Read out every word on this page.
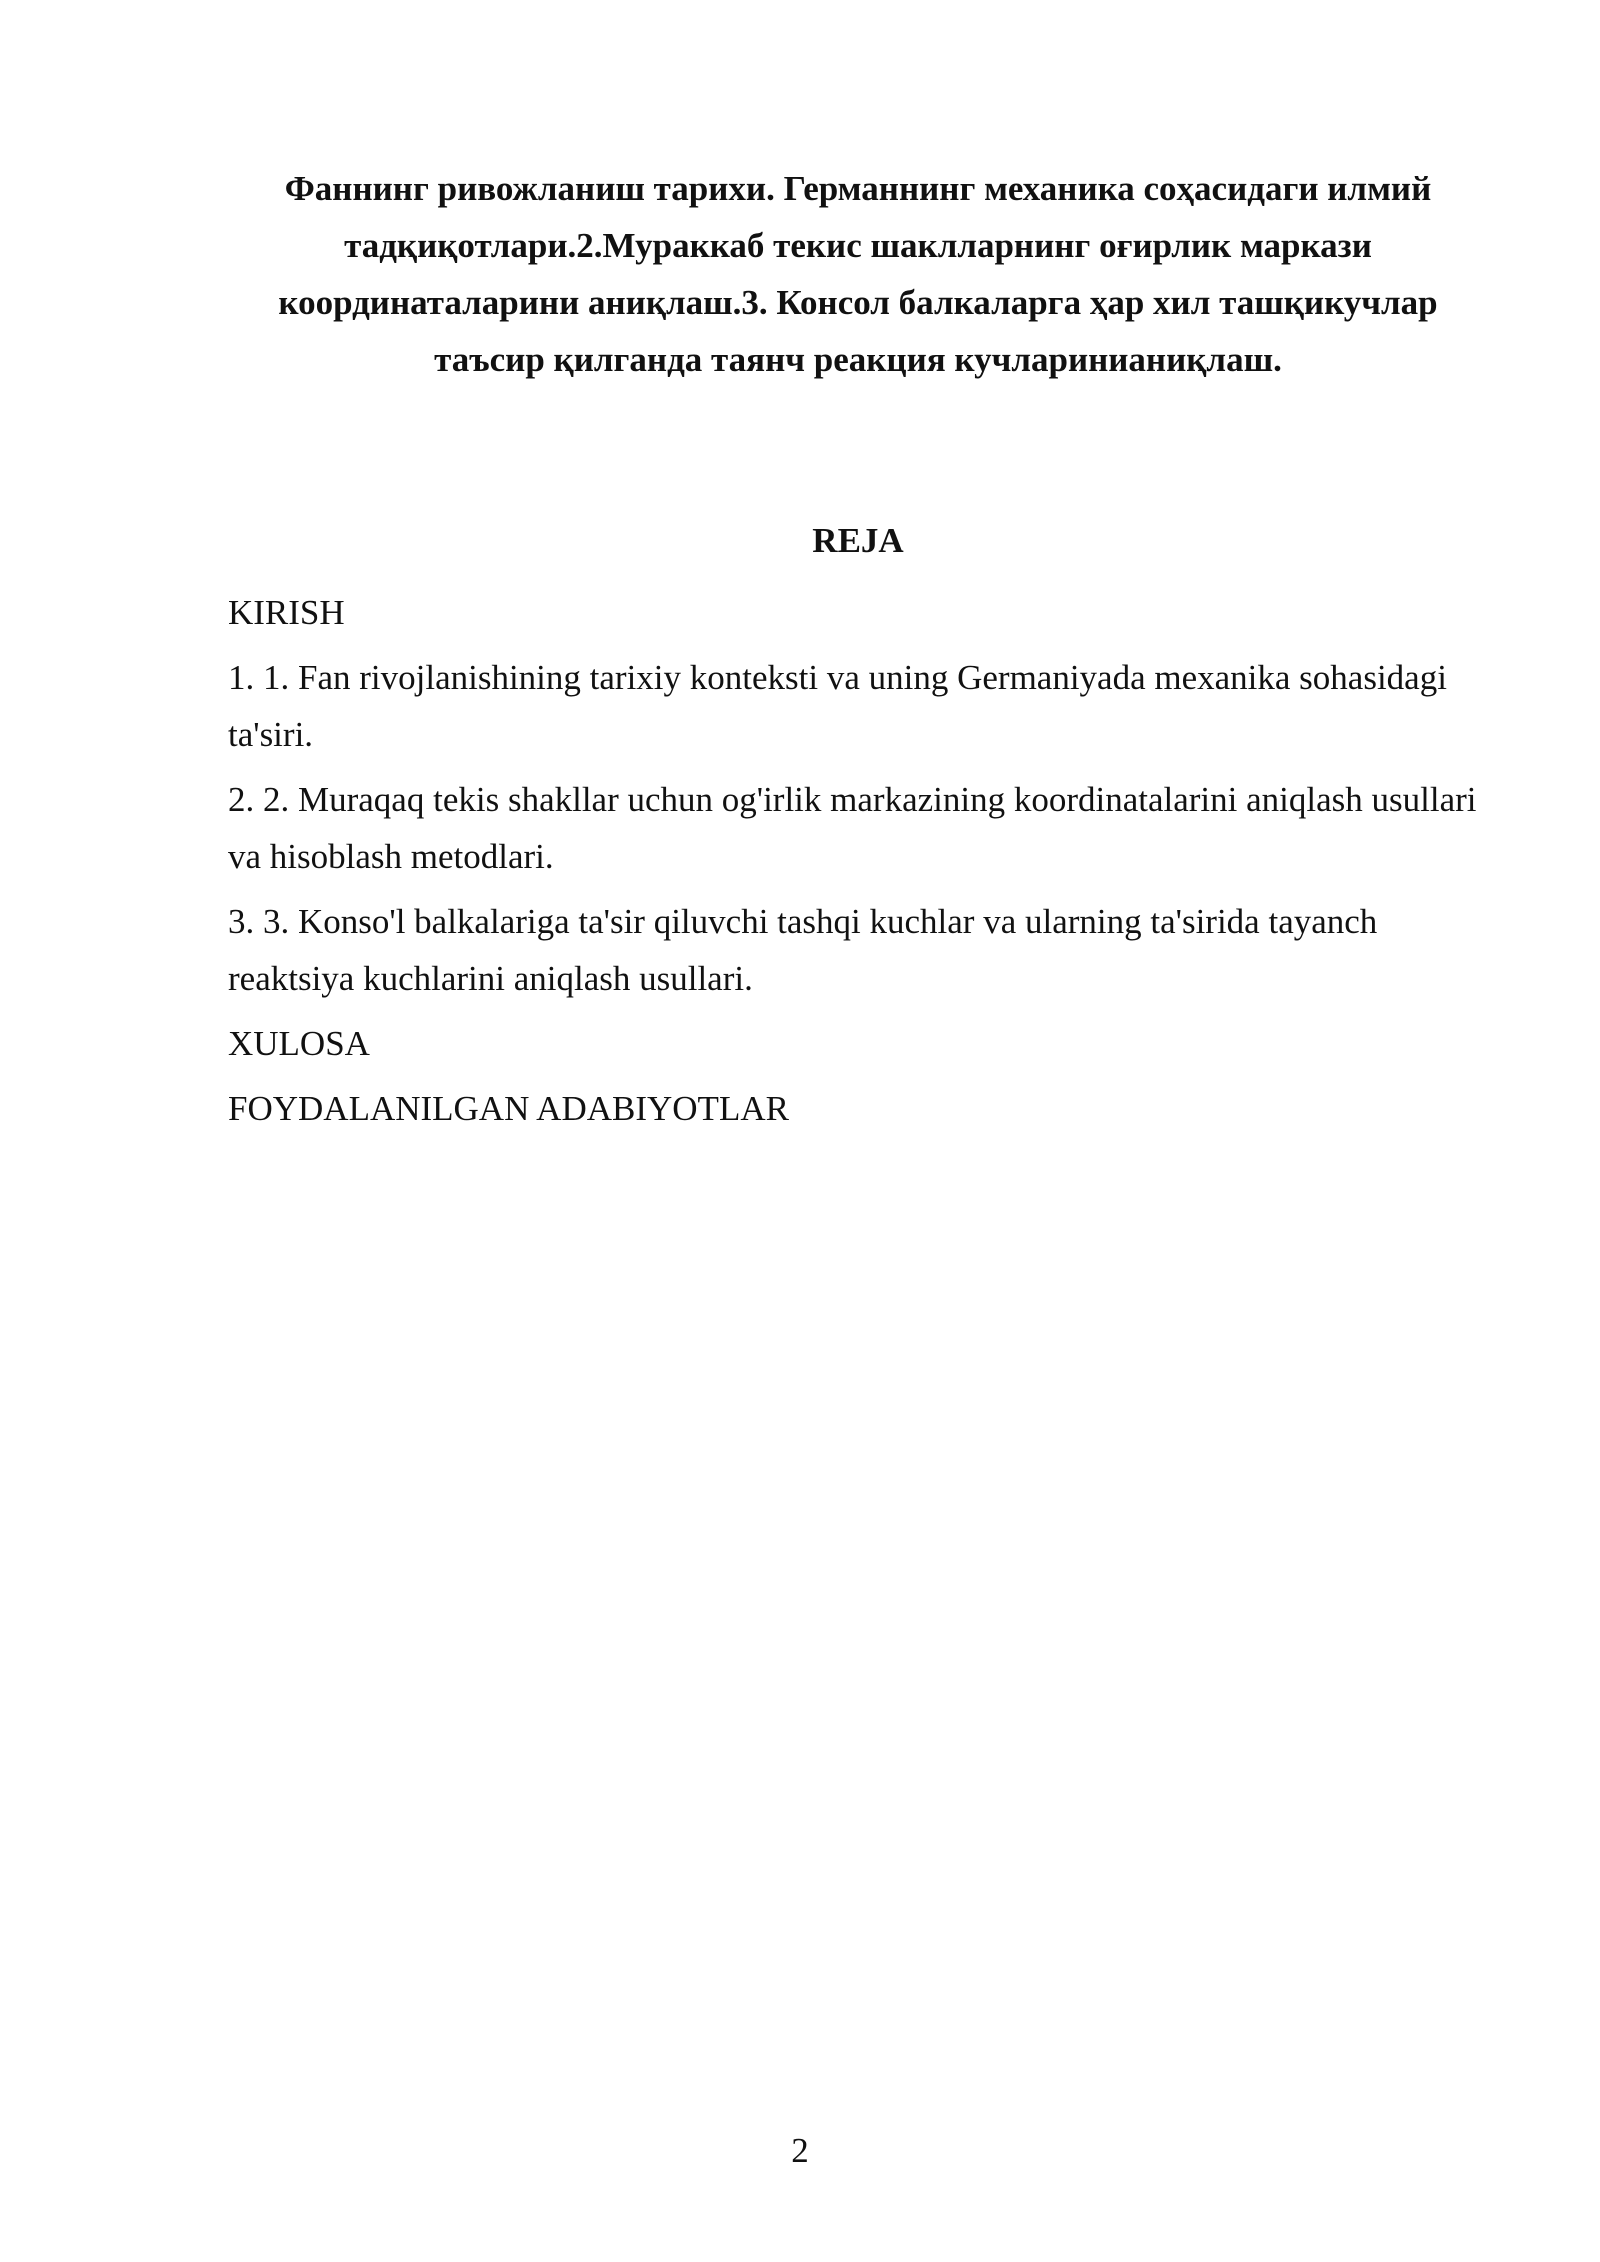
Фаннинг ривожланиш тарихи. Германнинг механика соҳасидаги илмий тадқиқотлари.2.Мураккаб текис шаклларнинг оғирлик маркази координаталарини аниқлаш.3. Консол балкаларга ҳар хил ташқикучлар таъсир қилганда таянч реакция кучларинианиқлаш.

REJA

KIRISH

1. 1. Fan rivojlanishining tarixiy konteksti va uning Germaniyada mexanika sohasidagi ta'siri.

2. 2. Muraqaq tekis shakllar uchun og'irlik markazining koordinatalarini aniqlash usullari va hisoblash metodlari.

3. 3. Konso'l balkalariga ta'sir qiluvchi tashqi kuchlar va ularning ta'sirida tayanch reaktsiya kuchlarini aniqlash usullari.

XULOSA

FOYDALANILGAN ADABIYOTLAR

2
